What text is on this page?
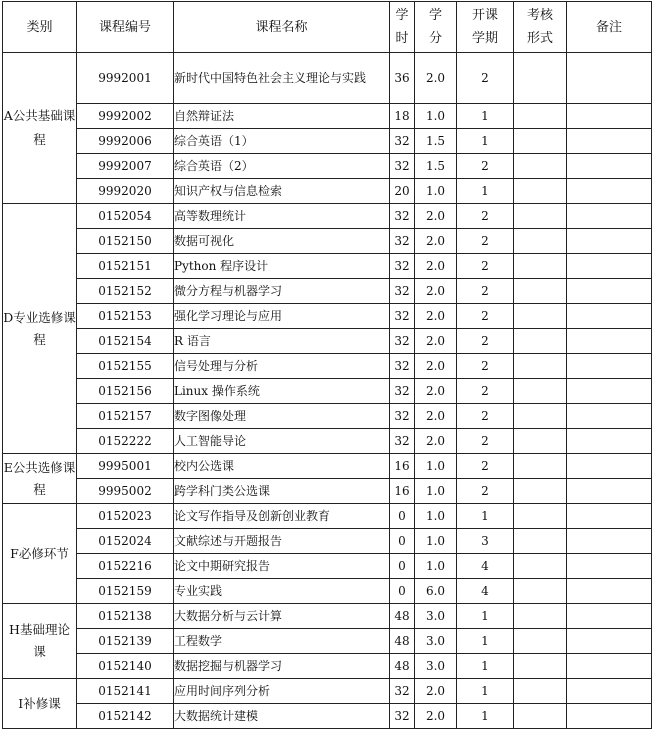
类别	课程编号	课程名称	学时	学分	开课学期	考核形式	备注
A公共基础课程	9992001	新时代中国特色社会主义理论与实践	36	2.0	2		
	9992002	自然辩证法	18	1.0	1		
	9992006	综合英语（1）	32	1.5	1		
	9992007	综合英语（2）	32	1.5	2		
	9992020	知识产权与信息检索	20	1.0	1		
D专业选修课程	0152054	高等数理统计	32	2.0	2		
	0152150	数据可视化	32	2.0	2		
	0152151	Python 程序设计	32	2.0	2		
	0152152	微分方程与机器学习	32	2.0	2		
	0152153	强化学习理论与应用	32	2.0	2		
	0152154	R 语言	32	2.0	2		
	0152155	信号处理与分析	32	2.0	2		
	0152156	Linux 操作系统	32	2.0	2		
	0152157	数字图像处理	32	2.0	2		
	0152222	人工智能导论	32	2.0	2		
E公共选修课程	9995001	校内公选课	16	1.0	2		
	9995002	跨学科门类公选课	16	1.0	2		
F必修环节	0152023	论文写作指导及创新创业教育	0	1.0	1		
	0152024	文献综述与开题报告	0	1.0	3		
	0152216	论文中期研究报告	0	1.0	4		
	0152159	专业实践	0	6.0	4		
H基础理论课	0152138	大数据分析与云计算	48	3.0	1		
	0152139	工程数学	48	3.0	1		
	0152140	数据挖掘与机器学习	48	3.0	1		
I补修课	0152141	应用时间序列分析	32	2.0	1		
	0152142	大数据统计建模	32	2.0	1		
